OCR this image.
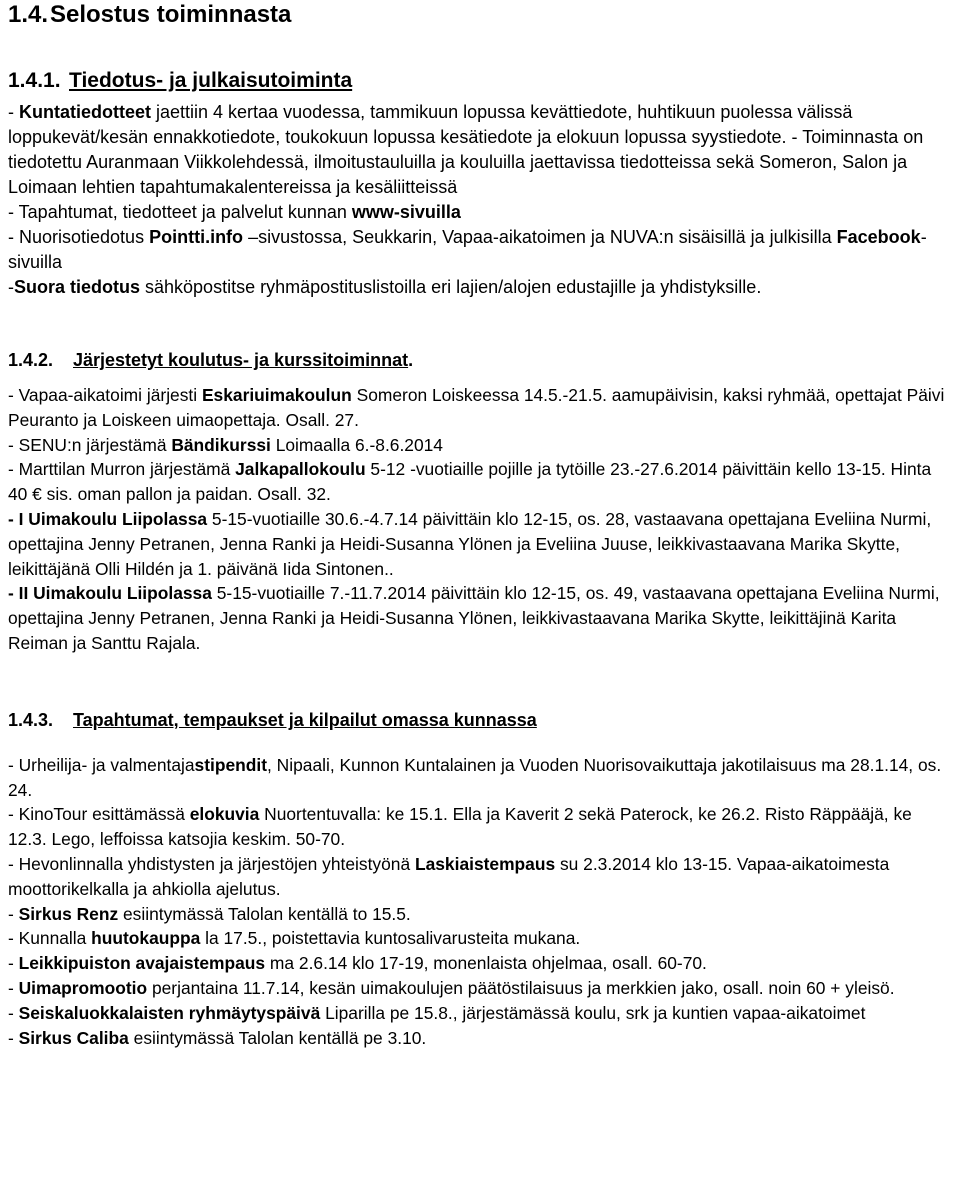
1.4.Selostus toiminnasta
1.4.1. Tiedotus- ja julkaisutoiminta

- Kuntatiedotteet jaettiin 4 kertaa vuodessa, tammikuun lopussa kevättiedote, huhtikuun puolessa välissä loppukevät/kesän ennakkotiedote, toukokuun lopussa kesätiedote ja elokuun lopussa syystiedote. - Toiminnasta on tiedotettu Auranmaan Viikkolehdessä, ilmoitustauluilla ja kouluilla jaettavissa tiedotteissa sekä Someron, Salon ja Loimaan lehtien tapahtumakalentereissa ja kesäliitteissä

- Tapahtumat, tiedotteet ja palvelut kunnan www-sivuilla

- Nuorisotiedotus Pointti.info –sivustossa, Seukkarin, Vapaa-aikatoimen ja NUVA:n sisäisillä ja julkisilla Facebook-sivuilla

-Suora tiedotus sähköpostitse ryhmäpostituslistoilla eri lajien/alojen edustajille ja yhdistyksille.

1.4.2. Järjestetyt koulutus- ja kurssitoiminnat.

- Vapaa-aikatoimi järjesti Eskariuimakoulun Someron Loiskeessa 14.5.-21.5. aamupäivisin, kaksi ryhmää, opettajat Päivi Peuranto ja Loiskeen uimaopettaja. Osall. 27.

- SENU:n järjestämä Bändikurssi Loimaalla 6.-8.6.2014

- Marttilan Murron järjestämä Jalkapallokoulu 5-12 -vuotiaille pojille ja tytöille 23.-27.6.2014 päivittäin kello 13-15. Hinta 40 € sis. oman pallon ja paidan. Osall. 32.

- I Uimakoulu Liipolassa 5-15-vuotiaille 30.6.-4.7.14 päivittäin klo 12-15, os. 28, vastaavana opettajana Eveliina Nurmi, opettajina Jenny Petranen, Jenna Ranki ja Heidi-Susanna Ylönen ja Eveliina Juuse, leikkivastaavana Marika Skytte, leikittäjänä Olli Hildén ja 1. päivänä Iida Sintonen..

- II Uimakoulu Liipolassa 5-15-vuotiaille 7.-11.7.2014 päivittäin klo 12-15, os. 49, vastaavana opettajana Eveliina Nurmi, opettajina Jenny Petranen, Jenna Ranki ja Heidi-Susanna Ylönen, leikkivastaavana Marika Skytte, leikittäjinä Karita Reiman ja Santtu Rajala.

1.4.3. Tapahtumat, tempaukset ja kilpailut omassa kunnassa

- Urheilija- ja valmentajastipendit, Nipaali, Kunnon Kuntalainen ja Vuoden Nuorisovaikuttaja jakotilaisuus ma 28.1.14, os. 24.

- KinoTour esittämässä elokuvia Nuortentuvalla: ke 15.1. Ella ja Kaverit 2 sekä Paterock, ke 26.2. Risto Räppääjä, ke 12.3. Lego, leffoissa katsojia keskim. 50-70.

- Hevonlinnalla yhdistysten ja järjestöjen yhteistyönä Laskiaistempaus su 2.3.2014 klo 13-15. Vapaa-aikatoimesta moottorikelkalla ja ahkiolla ajelutus.

- Sirkus Renz esiintymässä Talolan kentällä to 15.5.

- Kunnalla huutokauppa la 17.5., poistettavia kuntosalivarusteita mukana.

- Leikkipuiston avajaistempaus ma 2.6.14 klo 17-19, monenlaista ohjelmaa, osall. 60-70.

- Uimapromootio perjantaina 11.7.14, kesän uimakoulujen päätöstilaisuus ja merkkien jako, osall. noin 60 + yleisö.

- Seiskaluokkalaisten ryhmäytyspäivä Liparilla pe 15.8., järjestämässä koulu, srk ja kuntien vapaa-aikatoimet

- Sirkus Caliba esiintymässä Talolan kentällä pe 3.10.
